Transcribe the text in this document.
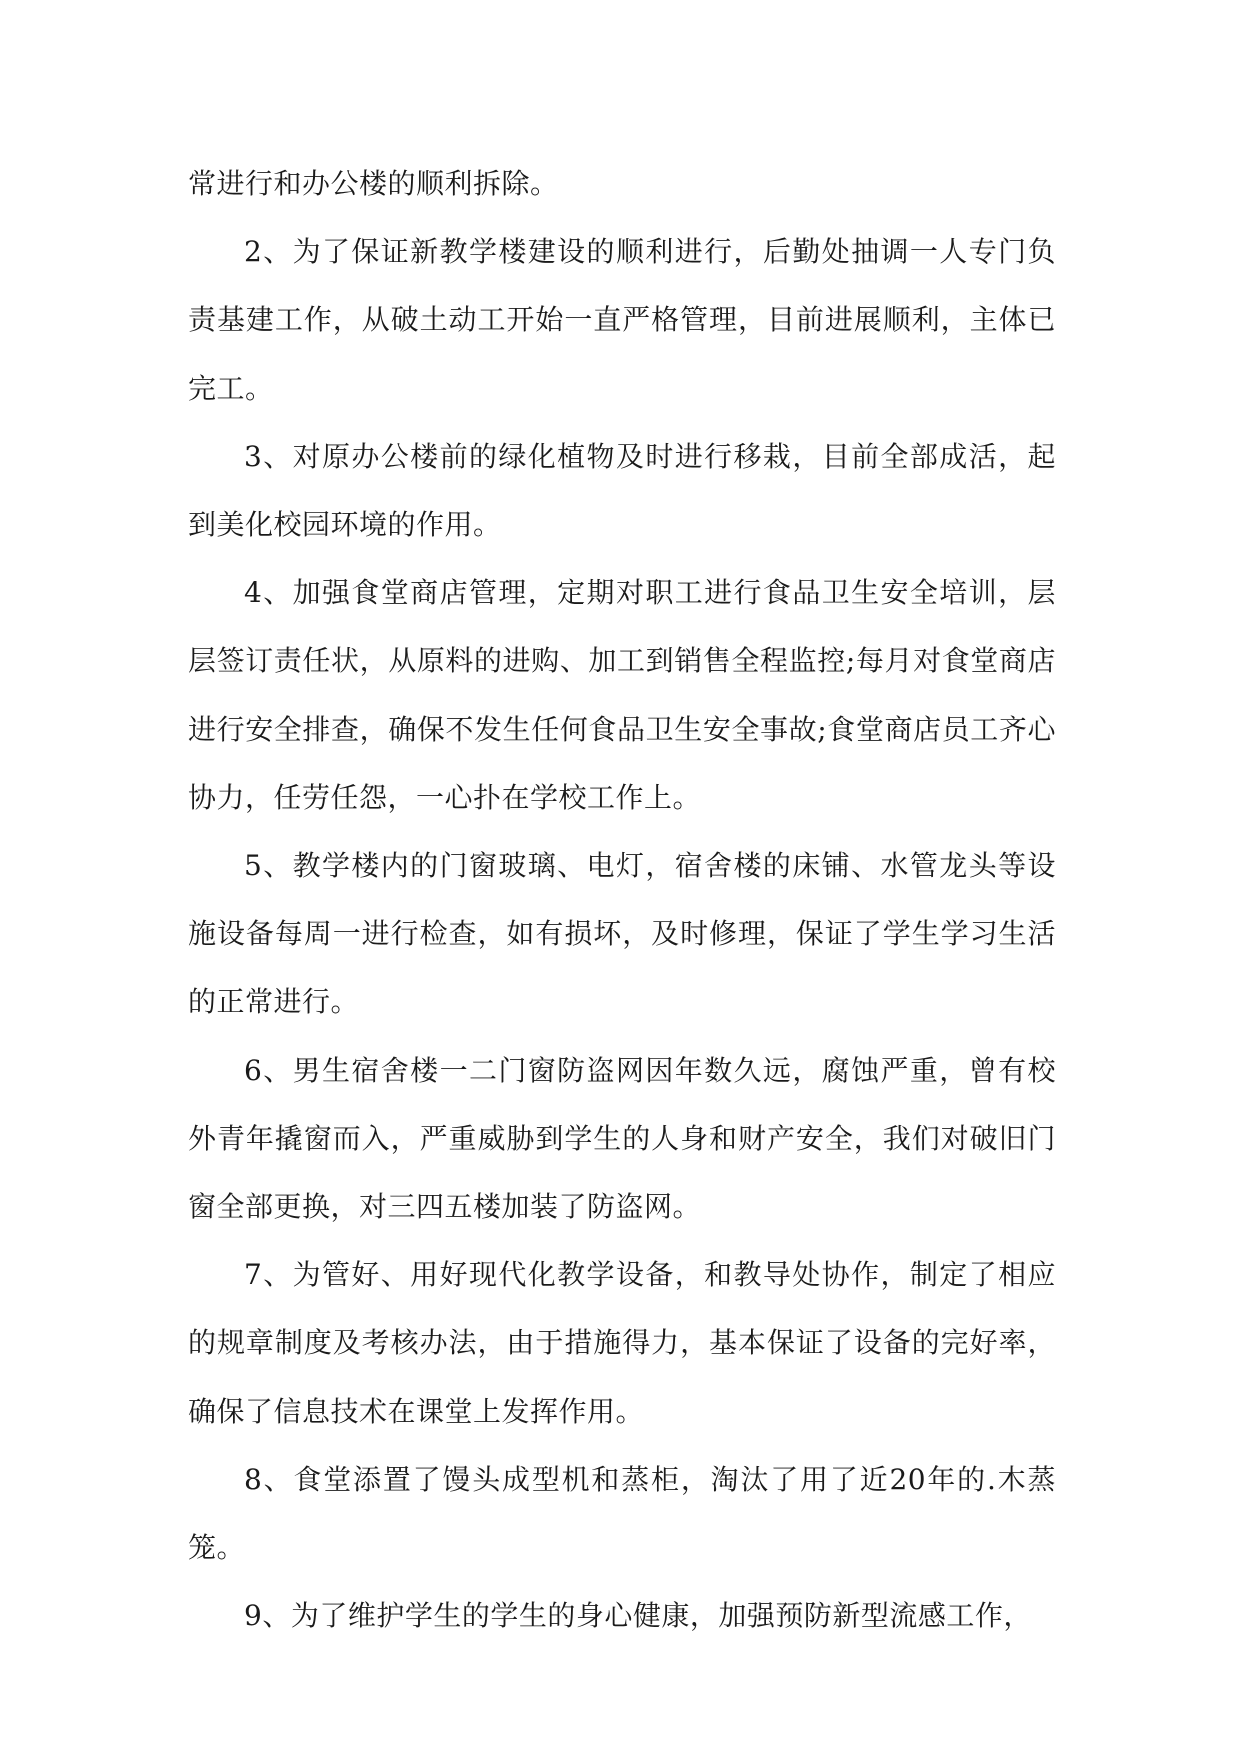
常进行和办公楼的顺利拆除。

2、为了保证新教学楼建设的顺利进行，后勤处抽调一人专门负责基建工作，从破土动工开始一直严格管理，目前进展顺利，主体已完工。

3、对原办公楼前的绿化植物及时进行移栽，目前全部成活，起到美化校园环境的作用。

4、加强食堂商店管理，定期对职工进行食品卫生安全培训，层层签订责任状，从原料的进购、加工到销售全程监控;每月对食堂商店进行安全排查，确保不发生任何食品卫生安全事故;食堂商店员工齐心协力，任劳任怨，一心扑在学校工作上。

5、教学楼内的门窗玻璃、电灯，宿舍楼的床铺、水管龙头等设施设备每周一进行检查，如有损坏，及时修理，保证了学生学习生活的正常进行。

6、男生宿舍楼一二门窗防盗网因年数久远，腐蚀严重，曾有校外青年撬窗而入，严重威胁到学生的人身和财产安全，我们对破旧门窗全部更换，对三四五楼加装了防盗网。

7、为管好、用好现代化教学设备，和教导处协作，制定了相应的规章制度及考核办法，由于措施得力，基本保证了设备的完好率，确保了信息技术在课堂上发挥作用。

8、食堂添置了馒头成型机和蒸柜，淘汰了用了近20年的.木蒸笼。

9、为了维护学生的学生的身心健康，加强预防新型流感工作，
